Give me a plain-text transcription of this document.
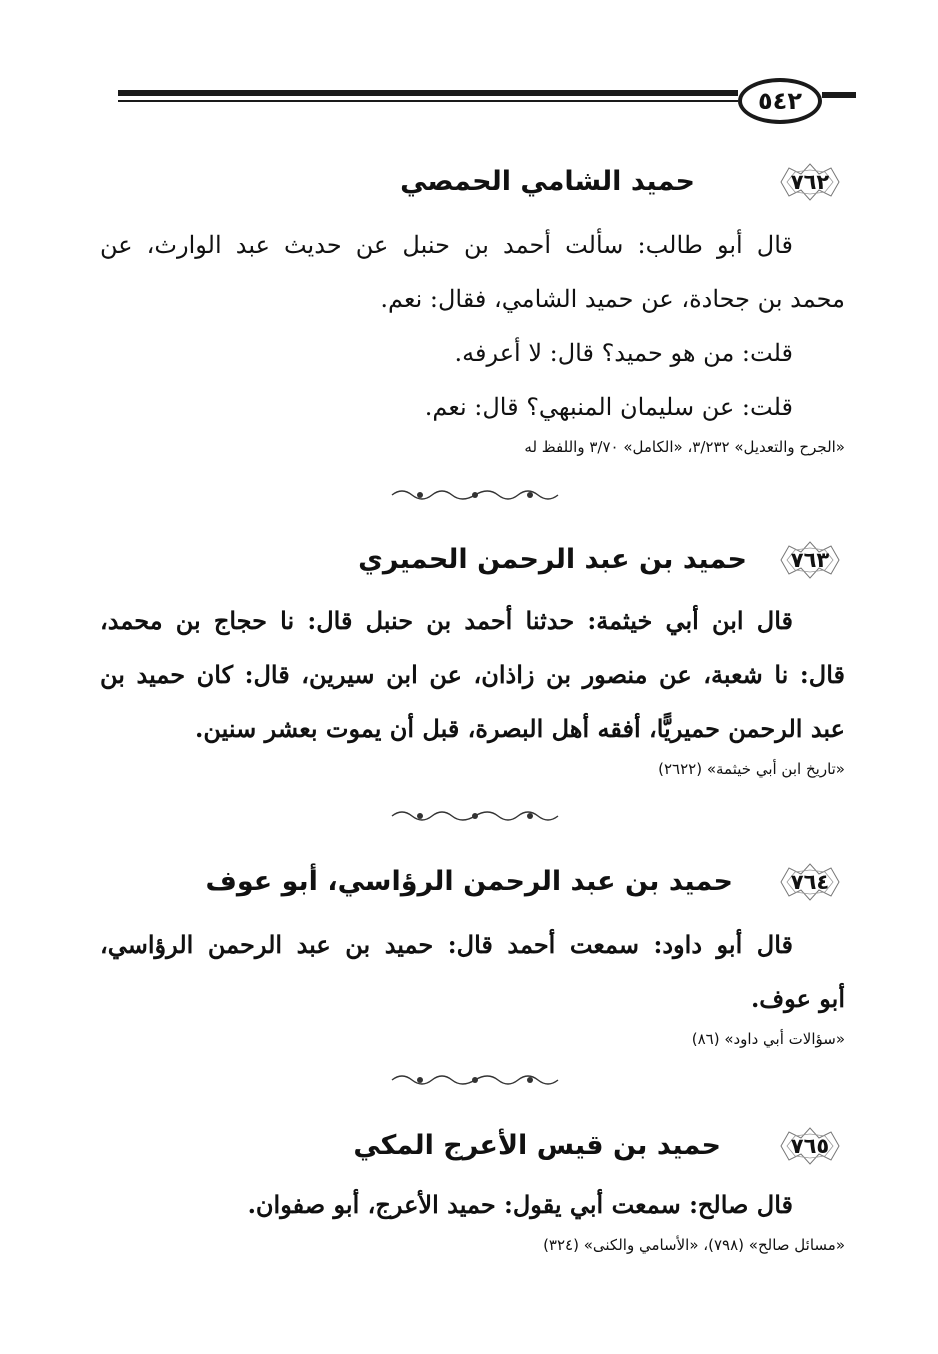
٥٤٢
٧٦٢
حميد الشامي الحمصي
قال أبو طالب: سألت أحمد بن حنبل عن حديث عبد الوارث، عن
محمد بن جحادة، عن حميد الشامي، فقال: نعم.
قلت: من هو حميد؟ قال: لا أعرفه.
قلت: عن سليمان المنبهي؟ قال: نعم.
«الجرح والتعديل» ٣/٢٣٢، «الكامل» ٣/٧٠ واللفظ له
٧٦٣
حميد بن عبد الرحمن الحميري
قال ابن أبي خيثمة: حدثنا أحمد بن حنبل قال: نا حجاج بن محمد،
قال: نا شعبة، عن منصور بن زاذان، عن ابن سيرين، قال: كان حميد بن
عبد الرحمن حميريًّا، أفقه أهل البصرة، قبل أن يموت بعشر سنين.
«تاريخ ابن أبي خيثمة» (٢٦٢٢)
٧٦٤
حميد بن عبد الرحمن الرؤاسي، أبو عوف
قال أبو داود: سمعت أحمد قال: حميد بن عبد الرحمن الرؤاسي،
أبو عوف.
«سؤالات أبي داود» (٨٦)
٧٦٥
حميد بن قيس الأعرج المكي
قال صالح: سمعت أبي يقول: حميد الأعرج، أبو صفوان.
«مسائل صالح» (٧٩٨)، «الأسامي والكنى» (٣٢٤)
